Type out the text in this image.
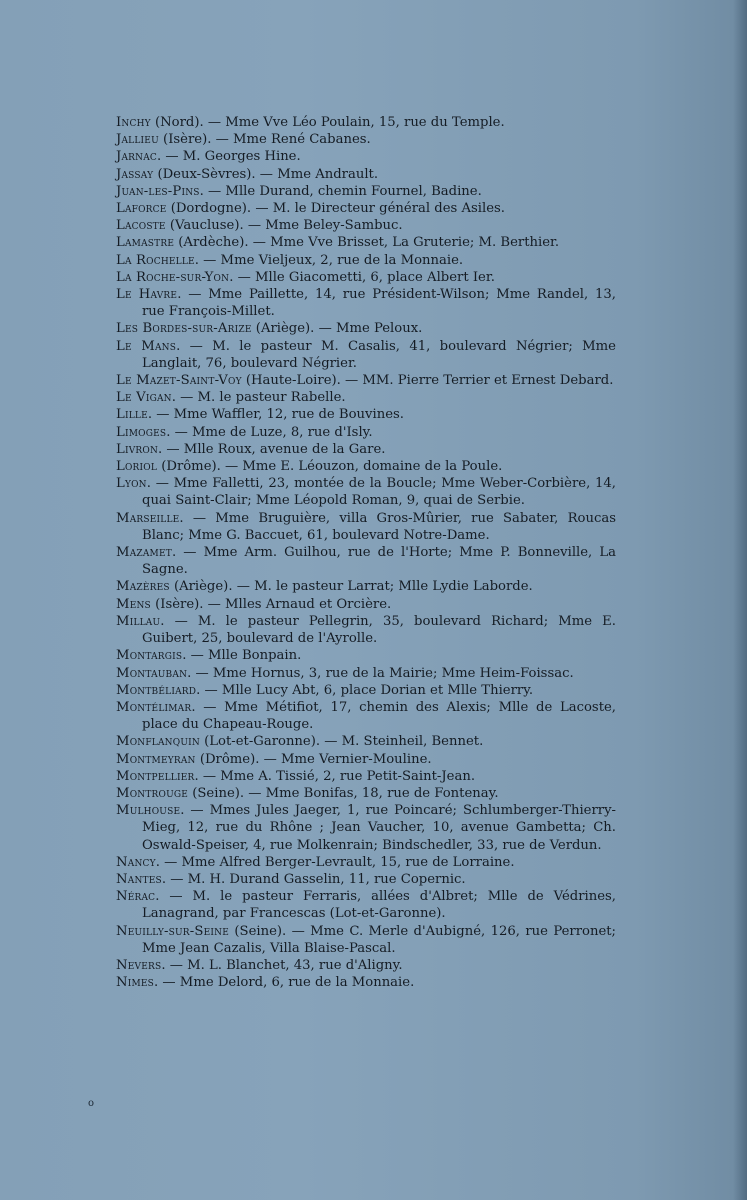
Inchy (Nord). — Mme Vve Léo Poulain, 15, rue du Temple.
Jallieu (Isère). — Mme René Cabanes.
Jarnac. — M. Georges Hine.
Jassay (Deux-Sèvres). — Mme Andrault.
Juan-les-Pins. — Mlle Durand, chemin Fournel, Badine.
Laforce (Dordogne). — M. le Directeur général des Asiles.
Lacoste (Vaucluse). — Mme Beley-Sambuc.
Lamastre (Ardèche). — Mme Vve Brisset, La Gruterie; M. Berthier.
La Rochelle. — Mme Vieljeux, 2, rue de la Monnaie.
La Roche-sur-Yon. — Mlle Giacometti, 6, place Albert Ier.
Le Havre. — Mme Paillette, 14, rue Président-Wilson; Mme Randel, 13, rue François-Millet.
Les Bordes-sur-Arize (Ariège). — Mme Peloux.
Le Mans. — M. le pasteur M. Casalis, 41, boulevard Négrier; Mme Langlait, 76, boulevard Négrier.
Le Mazet-Saint-Voy (Haute-Loire). — MM. Pierre Terrier et Ernest Debard.
Le Vigan. — M. le pasteur Rabelle.
Lille. — Mme Waffler, 12, rue de Bouvines.
Limoges. — Mme de Luze, 8, rue d'Isly.
Livron. — Mlle Roux, avenue de la Gare.
Loriol (Drôme). — Mme E. Léouzon, domaine de la Poule.
Lyon. — Mme Falletti, 23, montée de la Boucle; Mme Weber-Corbière, 14, quai Saint-Clair; Mme Léopold Roman, 9, quai de Serbie.
Marseille. — Mme Bruguière, villa Gros-Mûrier, rue Sabater, Roucas Blanc; Mme G. Baccuet, 61, boulevard Notre-Dame.
Mazamet. — Mme Arm. Guilhou, rue de l'Horte; Mme P. Bonneville, La Sagne.
Mazères (Ariège). — M. le pasteur Larrat; Mlle Lydie Laborde.
Mens (Isère). — Mlles Arnaud et Orcière.
Millau. — M. le pasteur Pellegrin, 35, boulevard Richard; Mme E. Guibert, 25, boulevard de l'Ayrolle.
Montargis. — Mlle Bonpain.
Montauban. — Mme Hornus, 3, rue de la Mairie; Mme Heim-Foissac.
Montbéliard. — Mlle Lucy Abt, 6, place Dorian et Mlle Thierry.
Montélimar. — Mme Métifiot, 17, chemin des Alexis; Mlle de Lacoste, place du Chapeau-Rouge.
Monflanquin (Lot-et-Garonne). — M. Steinheil, Bennet.
Montmeyran (Drôme). — Mme Vernier-Mouline.
Montpellier. — Mme A. Tissié, 2, rue Petit-Saint-Jean.
Montrouge (Seine). — Mme Bonifas, 18, rue de Fontenay.
Mulhouse. — Mmes Jules Jaeger, 1, rue Poincaré; Schlumberger-Thierry-Mieg, 12, rue du Rhône ; Jean Vaucher, 10, avenue Gambetta; Ch. Oswald-Speiser, 4, rue Molkenrain; Bindschedler, 33, rue de Verdun.
Nancy. — Mme Alfred Berger-Levrault, 15, rue de Lorraine.
Nantes. — M. H. Durand Gasselin, 11, rue Copernic.
Nérac. — M. le pasteur Ferraris, allées d'Albret; Mlle de Védrines, Lanagrand, par Francescas (Lot-et-Garonne).
Neuilly-sur-Seine (Seine). — Mme C. Merle d'Aubigné, 126, rue Perronet; Mme Jean Cazalis, Villa Blaise-Pascal.
Nevers. — M. L. Blanchet, 43, rue d'Aligny.
Nimes. — Mme Delord, 6, rue de la Monnaie.
o
